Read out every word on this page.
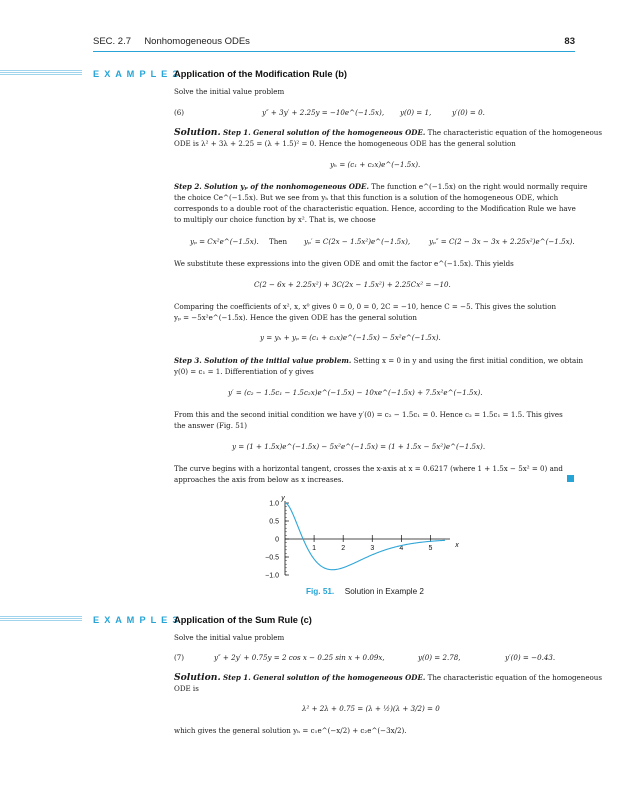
SEC. 2.7 Nonhomogeneous ODEs	83
E X A M P L E 2
Application of the Modification Rule (b)
Solve the initial value problem
(6)	y″ + 3y′ + 2.25y = −10e^(−1.5x), y(0) = 1,	y′(0) = 0.
Solution. Step 1. General solution of the homogeneous ODE. The characteristic equation of the homogeneous
ODE is λ² + 3λ + 2.25 = (λ + 1.5)² = 0. Hence the homogeneous ODE has the general solution
yₕ = (c₁ + c₂x)e^(−1.5x).
Step 2. Solution yₚ of the nonhomogeneous ODE. The function e^(−1.5x) on the right would normally require
the choice Ce^(−1.5x). But we see from yₕ that this function is a solution of the homogeneous ODE, which
corresponds to a double root of the characteristic equation. Hence, according to the Modification Rule we have
to multiply our choice function by x². That is, we choose
yₚ = Cx²e^(−1.5x). Then yₚ′ = C(2x − 1.5x²)e^(−1.5x),	yₚ″ = C(2 − 3x − 3x + 2.25x²)e^(−1.5x).
We substitute these expressions into the given ODE and omit the factor e^(−1.5x). This yields
C(2 − 6x + 2.25x²) + 3C(2x − 1.5x²) + 2.25Cx² = −10.
Comparing the coefficients of x², x, x⁰ gives 0 = 0, 0 = 0, 2C = −10, hence C = −5. This gives the solution
yₚ = −5x²e^(−1.5x). Hence the given ODE has the general solution
y = yₕ + yₚ = (c₁ + c₂x)e^(−1.5x) − 5x²e^(−1.5x).
Step 3. Solution of the initial value problem. Setting x = 0 in y and using the first initial condition, we obtain
y(0) = c₁ = 1. Differentiation of y gives
y′ = (c₂ − 1.5c₁ − 1.5c₂x)e^(−1.5x) − 10xe^(−1.5x) + 7.5x²e^(−1.5x).
From this and the second initial condition we have y′(0) = c₂ − 1.5c₁ = 0. Hence c₂ = 1.5c₁ = 1.5. This gives
the answer (Fig. 51)
y = (1 + 1.5x)e^(−1.5x) − 5x²e^(−1.5x) = (1 + 1.5x − 5x²)e^(−1.5x).
The curve begins with a horizontal tangent, crosses the x-axis at x = 0.6217 (where 1 + 1.5x − 5x² = 0) and
approaches the axis from below as x increases.
y
x
1.0
0.5
0
−0.5
−1.0
1	2	3	4	5
Fig. 51. Solution in Example 2
E X A M P L E 3
Application of the Sum Rule (c)
Solve the initial value problem
(7)	y″ + 2y′ + 0.75y = 2 cos x − 0.25 sin x + 0.09x,	y(0) = 2.78,	y′(0) = −0.43.
Solution. Step 1. General solution of the homogeneous ODE. The characteristic equation of the homogeneous
ODE is
λ² + 2λ + 0.75 = (λ + ½)(λ + 3/2) = 0
which gives the general solution yₕ = c₁e^(−x/2) + c₂e^(−3x/2).
